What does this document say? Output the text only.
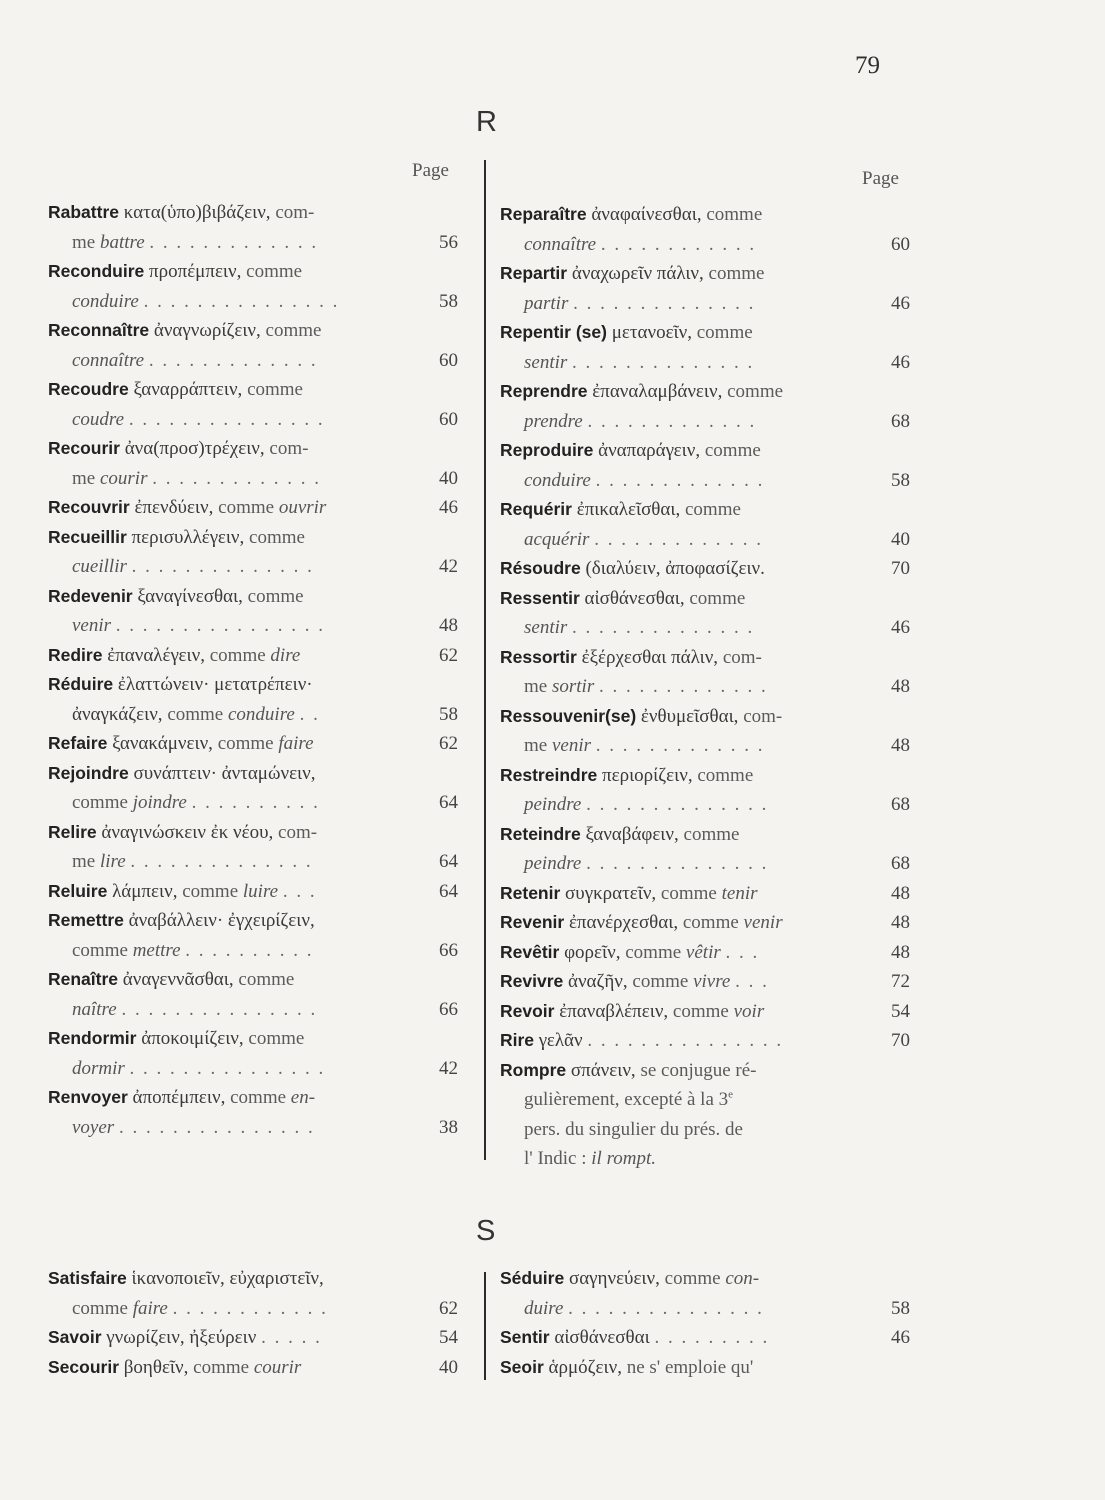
79
R
S
Page	Page
Rabattre κατα(ὑπο)βιβάζειν, com-
me battre . . . . . . . . . . . . .	56
Reconduire προπέμπειν, comme
conduire . . . . . . . . . . . . . . .	58
Reconnaître ἀναγνωρίζειν, comme
connaître . . . . . . . . . . . . .	60
Recoudre ξαναρράπτειν, comme
coudre . . . . . . . . . . . . . . .	60
Recourir ἀνα(προσ)τρέχειν, com-
me courir . . . . . . . . . . . . .	40
Recouvrir ἐπενδύειν, comme ouvrir	46
Recueillir περισυλλέγειν, comme
cueillir . . . . . . . . . . . . . .	42
Redevenir ξαναγίνεσθαι, comme
venir . . . . . . . . . . . . . . . .	48
Redire ἐπαναλέγειν, comme dire	62
Réduire ἐλαττώνειν· μετατρέπειν·
ἀναγκάζειν, comme conduire . .	58
Refaire ξανακάμνειν, comme faire	62
Rejoindre συνάπτειν· ἀνταμώνειν,
comme joindre . . . . . . . . . .	64
Relire ἀναγινώσκειν ἐκ νέου, com-
me lire . . . . . . . . . . . . . .	64
Reluire λάμπειν, comme luire . . .	64
Remettre ἀναβάλλειν· ἐγχειρίζειν,
comme mettre . . . . . . . . . .	66
Renaître ἀναγεννᾶσθαι, comme
naître . . . . . . . . . . . . . . .	66
Rendormir ἀποκοιμίζειν, comme
dormir . . . . . . . . . . . . . . .	42
Renvoyer ἀποπέμπειν, comme en-
voyer . . . . . . . . . . . . . . .	38
Reparaître ἀναφαίνεσθαι, comme
connaître . . . . . . . . . . . .	60
Repartir ἀναχωρεῖν πάλιν, comme
partir . . . . . . . . . . . . . .	46
Repentir (se) μετανοεῖν, comme
sentir . . . . . . . . . . . . . .	46
Reprendre ἐπαναλαμβάνειν, comme
prendre . . . . . . . . . . . . .	68
Reproduire ἀναπαράγειν, comme
conduire . . . . . . . . . . . . .	58
Requérir ἐπικαλεῖσθαι, comme
acquérir . . . . . . . . . . . . .	40
Résoudre (διαλύειν, ἀποφασίζειν.	70
Ressentir αἰσθάνεσθαι, comme
sentir . . . . . . . . . . . . . .	46
Ressortir ἐξέρχεσθαι πάλιν, com-
me sortir . . . . . . . . . . . . .	48
Ressouvenir(se) ἐνθυμεῖσθαι, com-
me venir . . . . . . . . . . . . .	48
Restreindre περιορίζειν, comme
peindre . . . . . . . . . . . . . .	68
Reteindre ξαναβάφειν, comme
peindre . . . . . . . . . . . . . .	68
Retenir συγκρατεῖν, comme tenir	48
Revenir ἐπανέρχεσθαι, comme venir	48
Revêtir φορεῖν, comme vêtir . . .	48
Revivre ἀναζῆν, comme vivre . . .	72
Revoir ἐπαναβλέπειν, comme voir	54
Rire γελᾶν . . . . . . . . . . . . . . .	70
Rompre σπάνειν, se conjugue ré-
gulièrement, excepté à la 3e
pers. du singulier du prés. de
l' Indic : il rompt.
Satisfaire ἱκανοποιεῖν, εὐχαριστεῖν,
comme faire . . . . . . . . . . . .	62
Savoir γνωρίζειν, ἠξεύρειν . . . . .	54
Secourir βοηθεῖν, comme courir	40
Séduire σαγηνεύειν, comme con-
duire . . . . . . . . . . . . . . .	58
Sentir αἰσθάνεσθαι . . . . . . . . .	46
Seoir ἁρμόζειν, ne s' emploie qu'
